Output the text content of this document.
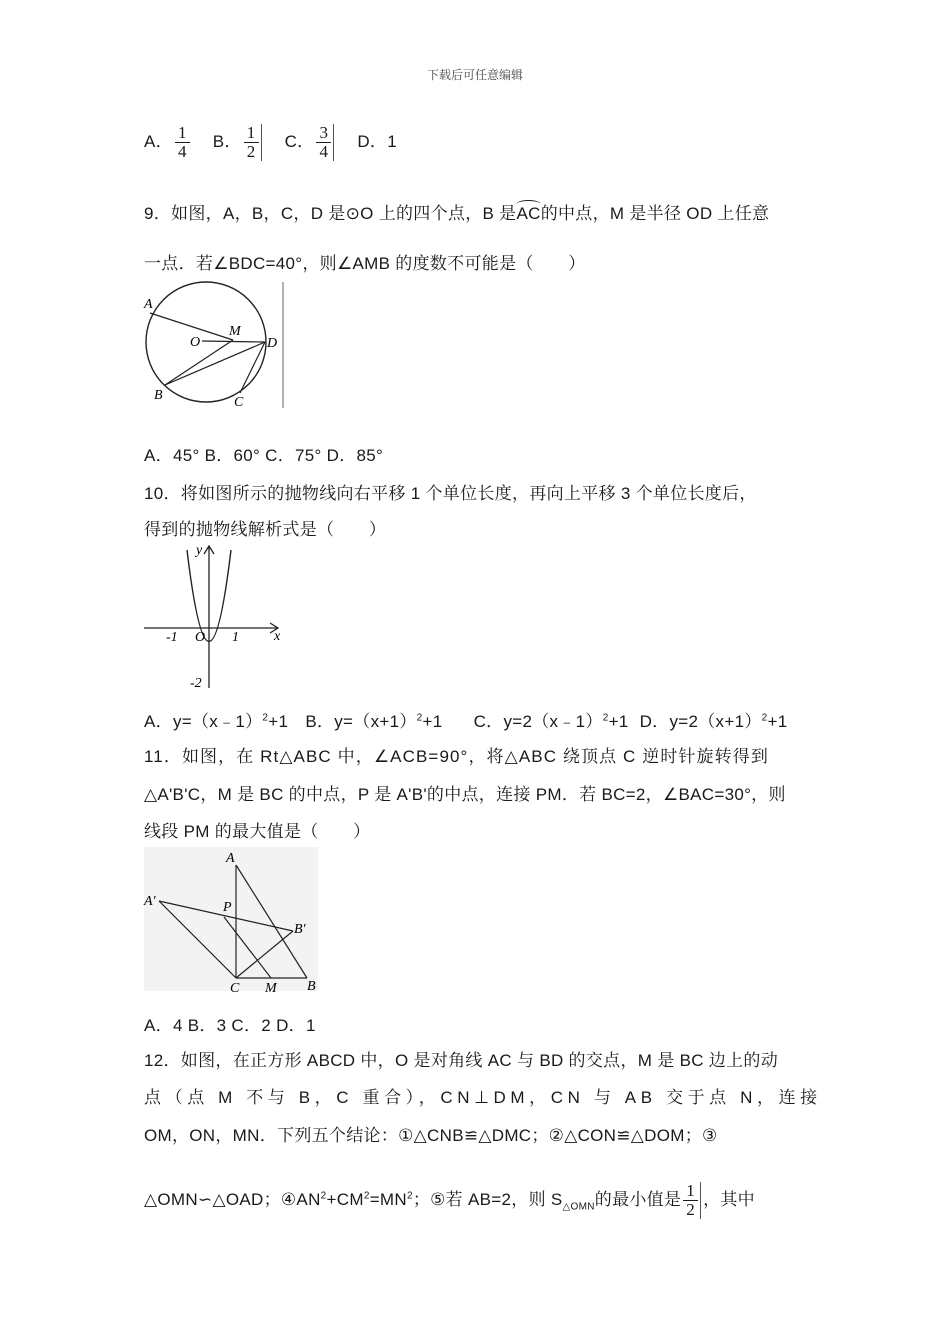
下载后可任意编辑
A． $\frac{1}{4}$ B． $\frac{1}{2}$ C． $\frac{3}{4}$ D．1
9．如图，A，B，C，D 是⊙O 上的四个点，B 是AC的中点，M 是半径 OD 上任意
一点．若∠BDC=40°，则∠AMB 的度数不可能是（　　）
A
M
O	D
B	C
A．45° B．60° C．75° D．85°
10．将如图所示的抛物线向右平移 1 个单位长度，再向上平移 3 个单位长度后，
得到的抛物线解析式是（　　）
y
x
O
-1	1
-2
A．y=（x﹣1）$^2$+1 B．$y=(x+1)^2+1$ C．y=2（x﹣1）$^2$+1 D．$y=2(x+1)^2+1$
11．如图，在 Rt△ABC 中，∠ACB=90°，将△ABC 绕顶点 C 逆时针旋转得到
△A'B'C，M 是 BC 的中点，P 是 A'B'的中点，连接 PM．若 BC=2，∠BAC=30°，则
线段 PM 的最大值是（　　）
A
A′	P
B′
C M B
A．4 B．3 C．2 D．1
12．如图，在正方形 ABCD 中，O 是对角线 AC 与 BD 的交点，M 是 BC 边上的动
点（点 M 不与 B，C 重合），CN⊥DM，CN 与 AB 交于点 N，连接
OM，ON，MN．下列五个结论：①△CNB≌△DMC；②△CON≌△DOM；③
△OMN∽△OAD；$④AN^2+CM^2=MN^2$；⑤若 AB=2，则 $S_{\triangle OMN}$的最小值是 $\frac{1}{2}$ ，其中
